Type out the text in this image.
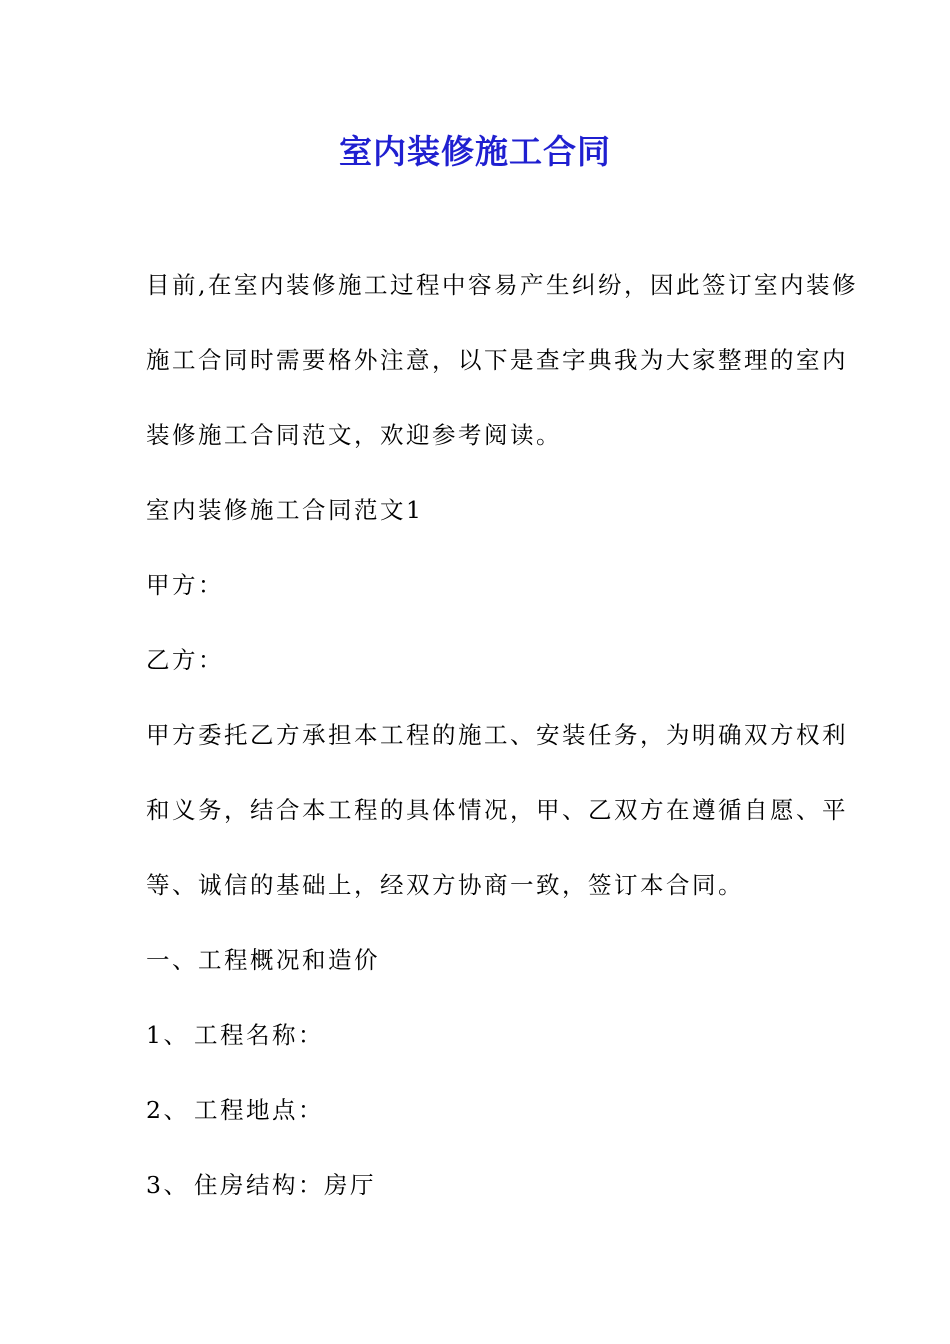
室内装修施工合同
目前,在室内装修施工过程中容易产生纠纷，因此签订室内装修
施工合同时需要格外注意，以下是查字典我为大家整理的室内
装修施工合同范文，欢迎参考阅读。
室内装修施工合同范文1
甲方：
乙方：
甲方委托乙方承担本工程的施工、安装任务，为明确双方权利
和义务，结合本工程的具体情况，甲、乙双方在遵循自愿、平
等、诚信的基础上，经双方协商一致，签订本合同。
一、工程概况和造价
1、 工程名称：
2、 工程地点：
3、 住房结构：房厅
